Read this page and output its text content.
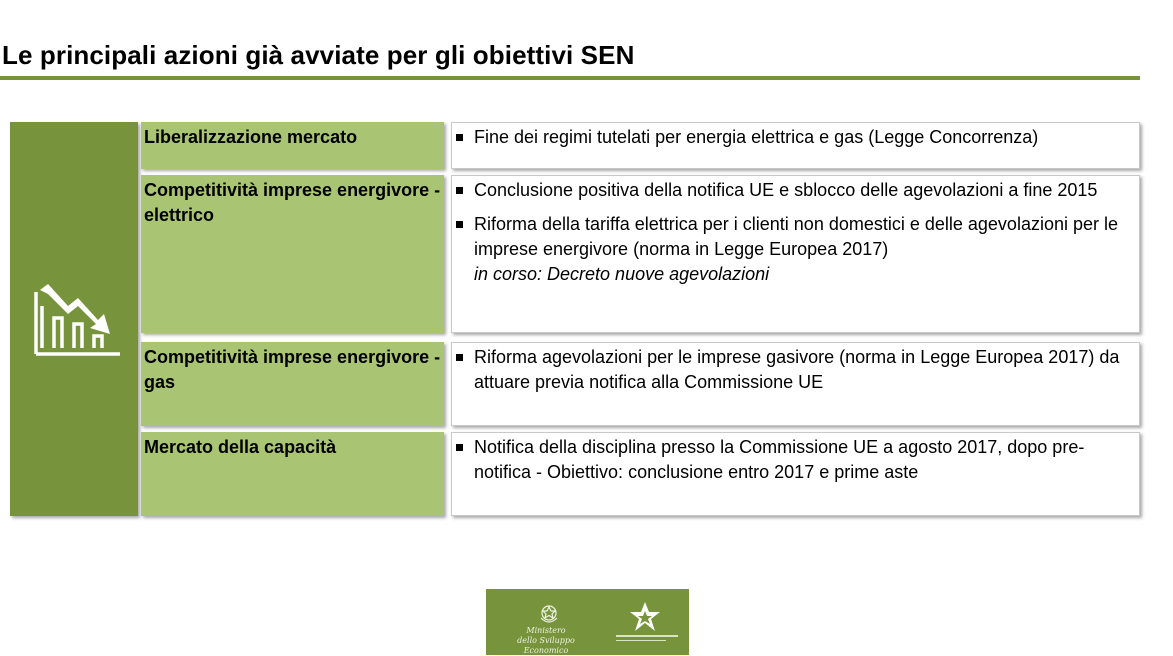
Le principali azioni già avviate per gli obiettivi SEN
Liberalizzazione mercato	Fine dei regimi tutelati per energia elettrica e gas (Legge Concorrenza)
Competitività imprese energivore - elettrico
Conclusione positiva della notifica UE e sblocco delle agevolazioni a fine 2015
Riforma della tariffa elettrica per i clienti non domestici e delle agevolazioni per le imprese energivore (norma in Legge Europea 2017)
in corso: Decreto nuove agevolazioni
Competitività imprese energivore - gas
Riforma agevolazioni per le imprese gasivore (norma in Legge Europea 2017) da attuare previa notifica alla Commissione UE
Mercato della capacità	Notifica della disciplina presso la Commissione UE a agosto 2017, dopo pre-notifica - Obiettivo: conclusione entro 2017 e prime aste
Ministero
dello Sviluppo Economico
